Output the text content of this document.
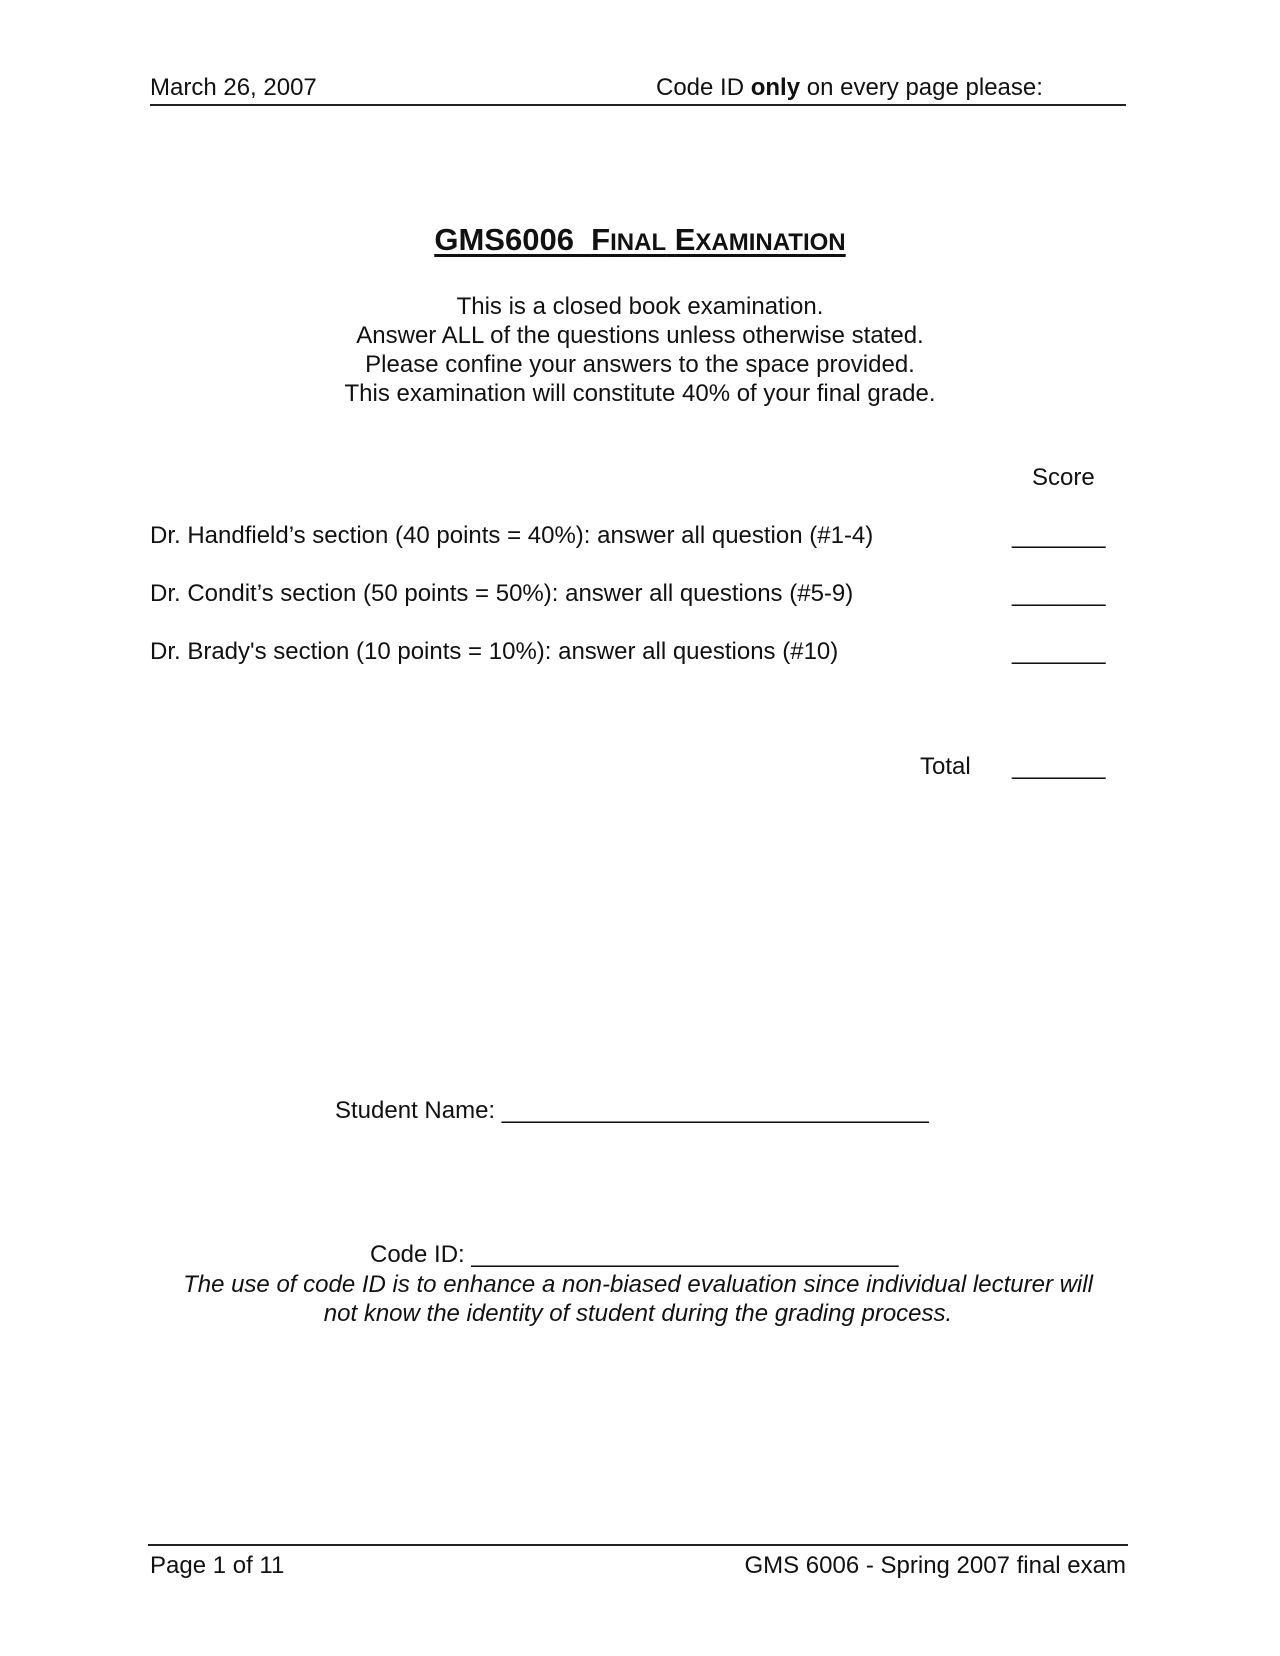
March 26, 2007	Code ID only on every page please:
GMS6006 FINAL EXAMINATION
This is a closed book examination.
Answer ALL of the questions unless otherwise stated.
Please confine your answers to the space provided.
This examination will constitute 40% of your final grade.
Score
Dr. Handfield’s section (40 points = 40%): answer all question (#1-4)	_______
Dr. Condit’s section (50 points = 50%): answer all questions (#5-9)	_______
Dr. Brady's section (10 points = 10%): answer all questions (#10)	_______
Total _______
Student Name: ________________________________
Code ID: ________________________________
The use of code ID is to enhance a non-biased evaluation since individual lecturer will
not know the identity of student during the grading process.
Page 1 of 11	GMS 6006 - Spring 2007 final exam
